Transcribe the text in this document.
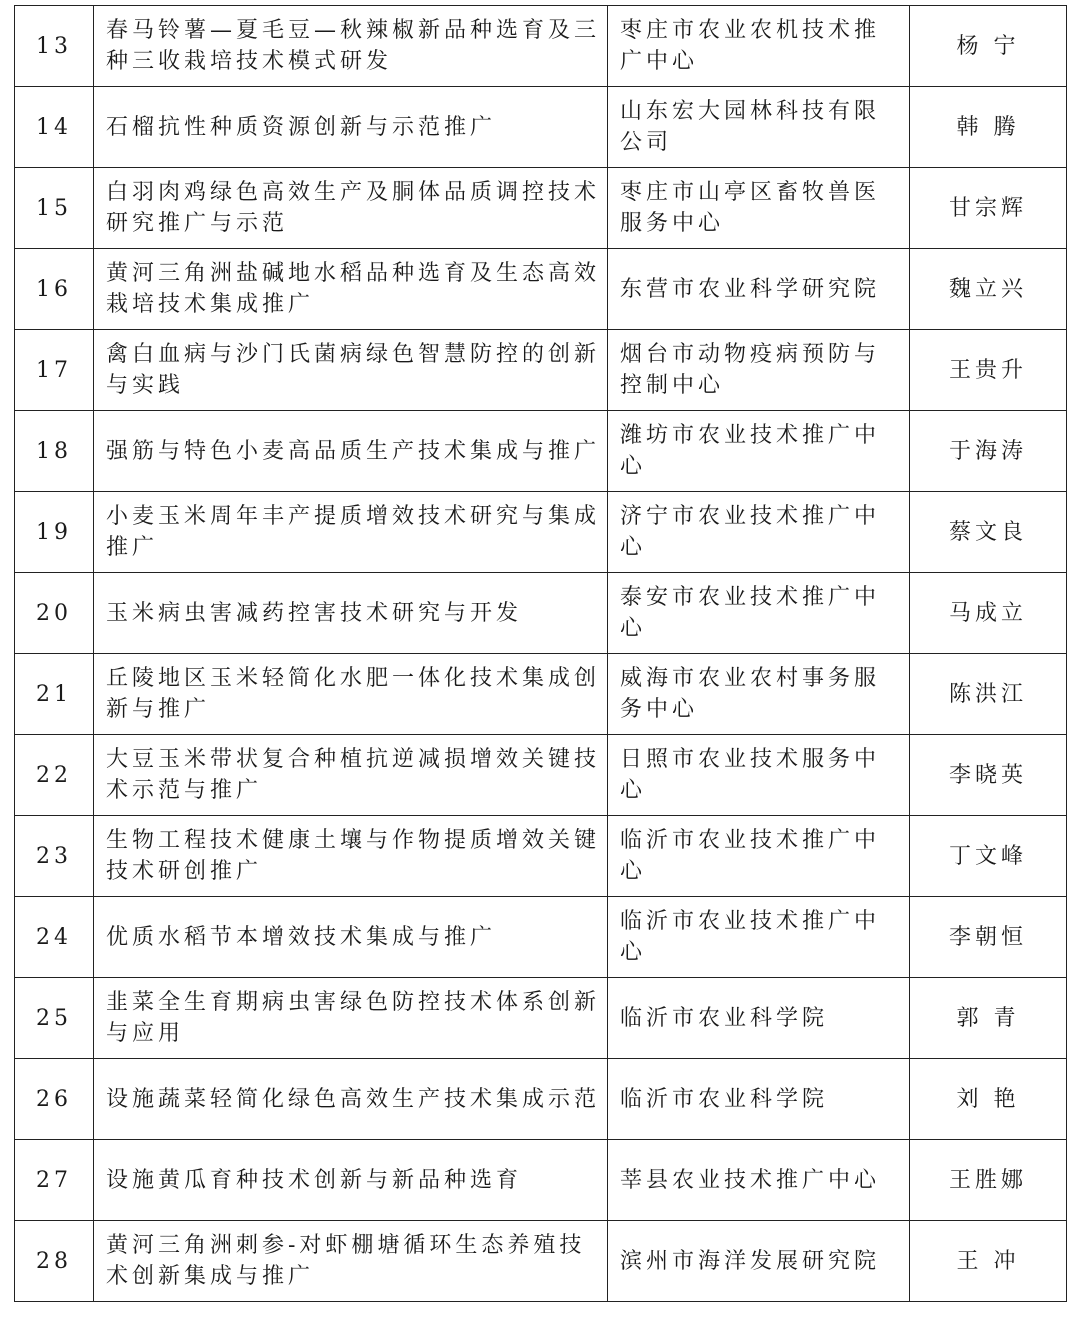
13	春马铃薯—夏毛豆—秋辣椒新品种选育及三种三收栽培技术模式研发	枣庄市农业农机技术推广中心	杨 宁
14	石榴抗性种质资源创新与示范推广	山东宏大园林科技有限公司	韩 腾
15	白羽肉鸡绿色高效生产及胴体品质调控技术研究推广与示范	枣庄市山亭区畜牧兽医服务中心	甘宗辉
16	黄河三角洲盐碱地水稻品种选育及生态高效栽培技术集成推广	东营市农业科学研究院	魏立兴
17	禽白血病与沙门氏菌病绿色智慧防控的创新与实践	烟台市动物疫病预防与控制中心	王贵升
18	强筋与特色小麦高品质生产技术集成与推广	潍坊市农业技术推广中心	于海涛
19	小麦玉米周年丰产提质增效技术研究与集成推广	济宁市农业技术推广中心	蔡文良
20	玉米病虫害减药控害技术研究与开发	泰安市农业技术推广中心	马成立
21	丘陵地区玉米轻简化水肥一体化技术集成创新与推广	威海市农业农村事务服务中心	陈洪江
22	大豆玉米带状复合种植抗逆减损增效关键技术示范与推广	日照市农业技术服务中心	李晓英
23	生物工程技术健康土壤与作物提质增效关键技术研创推广	临沂市农业技术推广中心	丁文峰
24	优质水稻节本增效技术集成与推广	临沂市农业技术推广中心	李朝恒
25	韭菜全生育期病虫害绿色防控技术体系创新与应用	临沂市农业科学院	郭 青
26	设施蔬菜轻简化绿色高效生产技术集成示范	临沂市农业科学院	刘 艳
27	设施黄瓜育种技术创新与新品种选育	莘县农业技术推广中心	王胜娜
28	黄河三角洲刺参-对虾棚塘循环生态养殖技术创新集成与推广	滨州市海洋发展研究院	王 冲
